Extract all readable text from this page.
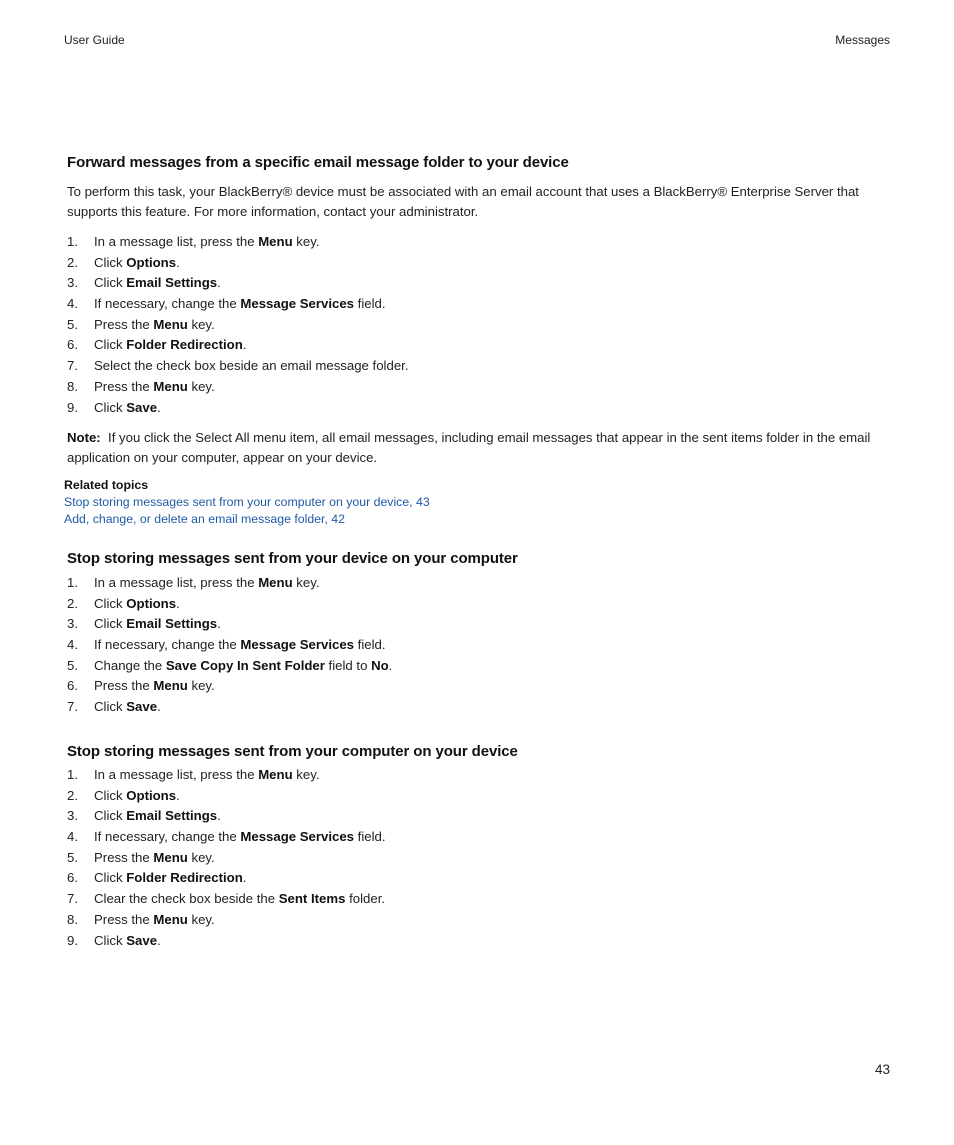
User Guide	Messages
Forward messages from a specific email message folder to your device

To perform this task, your BlackBerry® device must be associated with an email account that uses a BlackBerry® Enterprise Server that supports this feature. For more information, contact your administrator.

1. In a message list, press the Menu key.
2. Click Options.
3. Click Email Settings.
4. If necessary, change the Message Services field.
5. Press the Menu key.
6. Click Folder Redirection.
7. Select the check box beside an email message folder.
8. Press the Menu key.
9. Click Save.

Note: If you click the Select All menu item, all email messages, including email messages that appear in the sent items folder in the email application on your computer, appear on your device.

Related topics
Stop storing messages sent from your computer on your device, 43
Add, change, or delete an email message folder, 42
Stop storing messages sent from your device on your computer
1. In a message list, press the Menu key.
2. Click Options.
3. Click Email Settings.
4. If necessary, change the Message Services field.
5. Change the Save Copy In Sent Folder field to No.
6. Press the Menu key.
7. Click Save.
Stop storing messages sent from your computer on your device
1. In a message list, press the Menu key.
2. Click Options.
3. Click Email Settings.
4. If necessary, change the Message Services field.
5. Press the Menu key.
6. Click Folder Redirection.
7. Clear the check box beside the Sent Items folder.
8. Press the Menu key.
9. Click Save.
43
